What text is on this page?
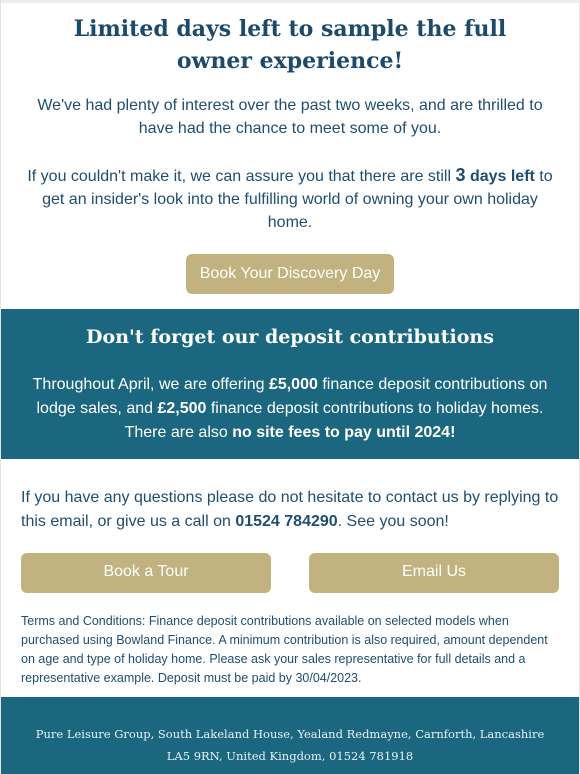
Limited days left to sample the full owner experience!
We've had plenty of interest over the past two weeks, and are thrilled to have had the chance to meet some of you.
If you couldn't make it, we can assure you that there are still 3 days left to get an insider's look into the fulfilling world of owning your own holiday home.
Book Your Discovery Day
Don't forget our deposit contributions
Throughout April, we are offering £5,000 finance deposit contributions on lodge sales, and £2,500 finance deposit contributions to holiday homes. There are also no site fees to pay until 2024!
If you have any questions please do not hesitate to contact us by replying to this email, or give us a call on 01524 784290. See you soon!
Book a Tour	Email Us
Terms and Conditions: Finance deposit contributions available on selected models when purchased using Bowland Finance. A minimum contribution is also required, amount dependent on age and type of holiday home. Please ask your sales representative for full details and a representative example. Deposit must be paid by 30/04/2023.
Pure Leisure Group, South Lakeland House, Yealand Redmayne, Carnforth, Lancashire LA5 9RN, United Kingdom, 01524 781918
